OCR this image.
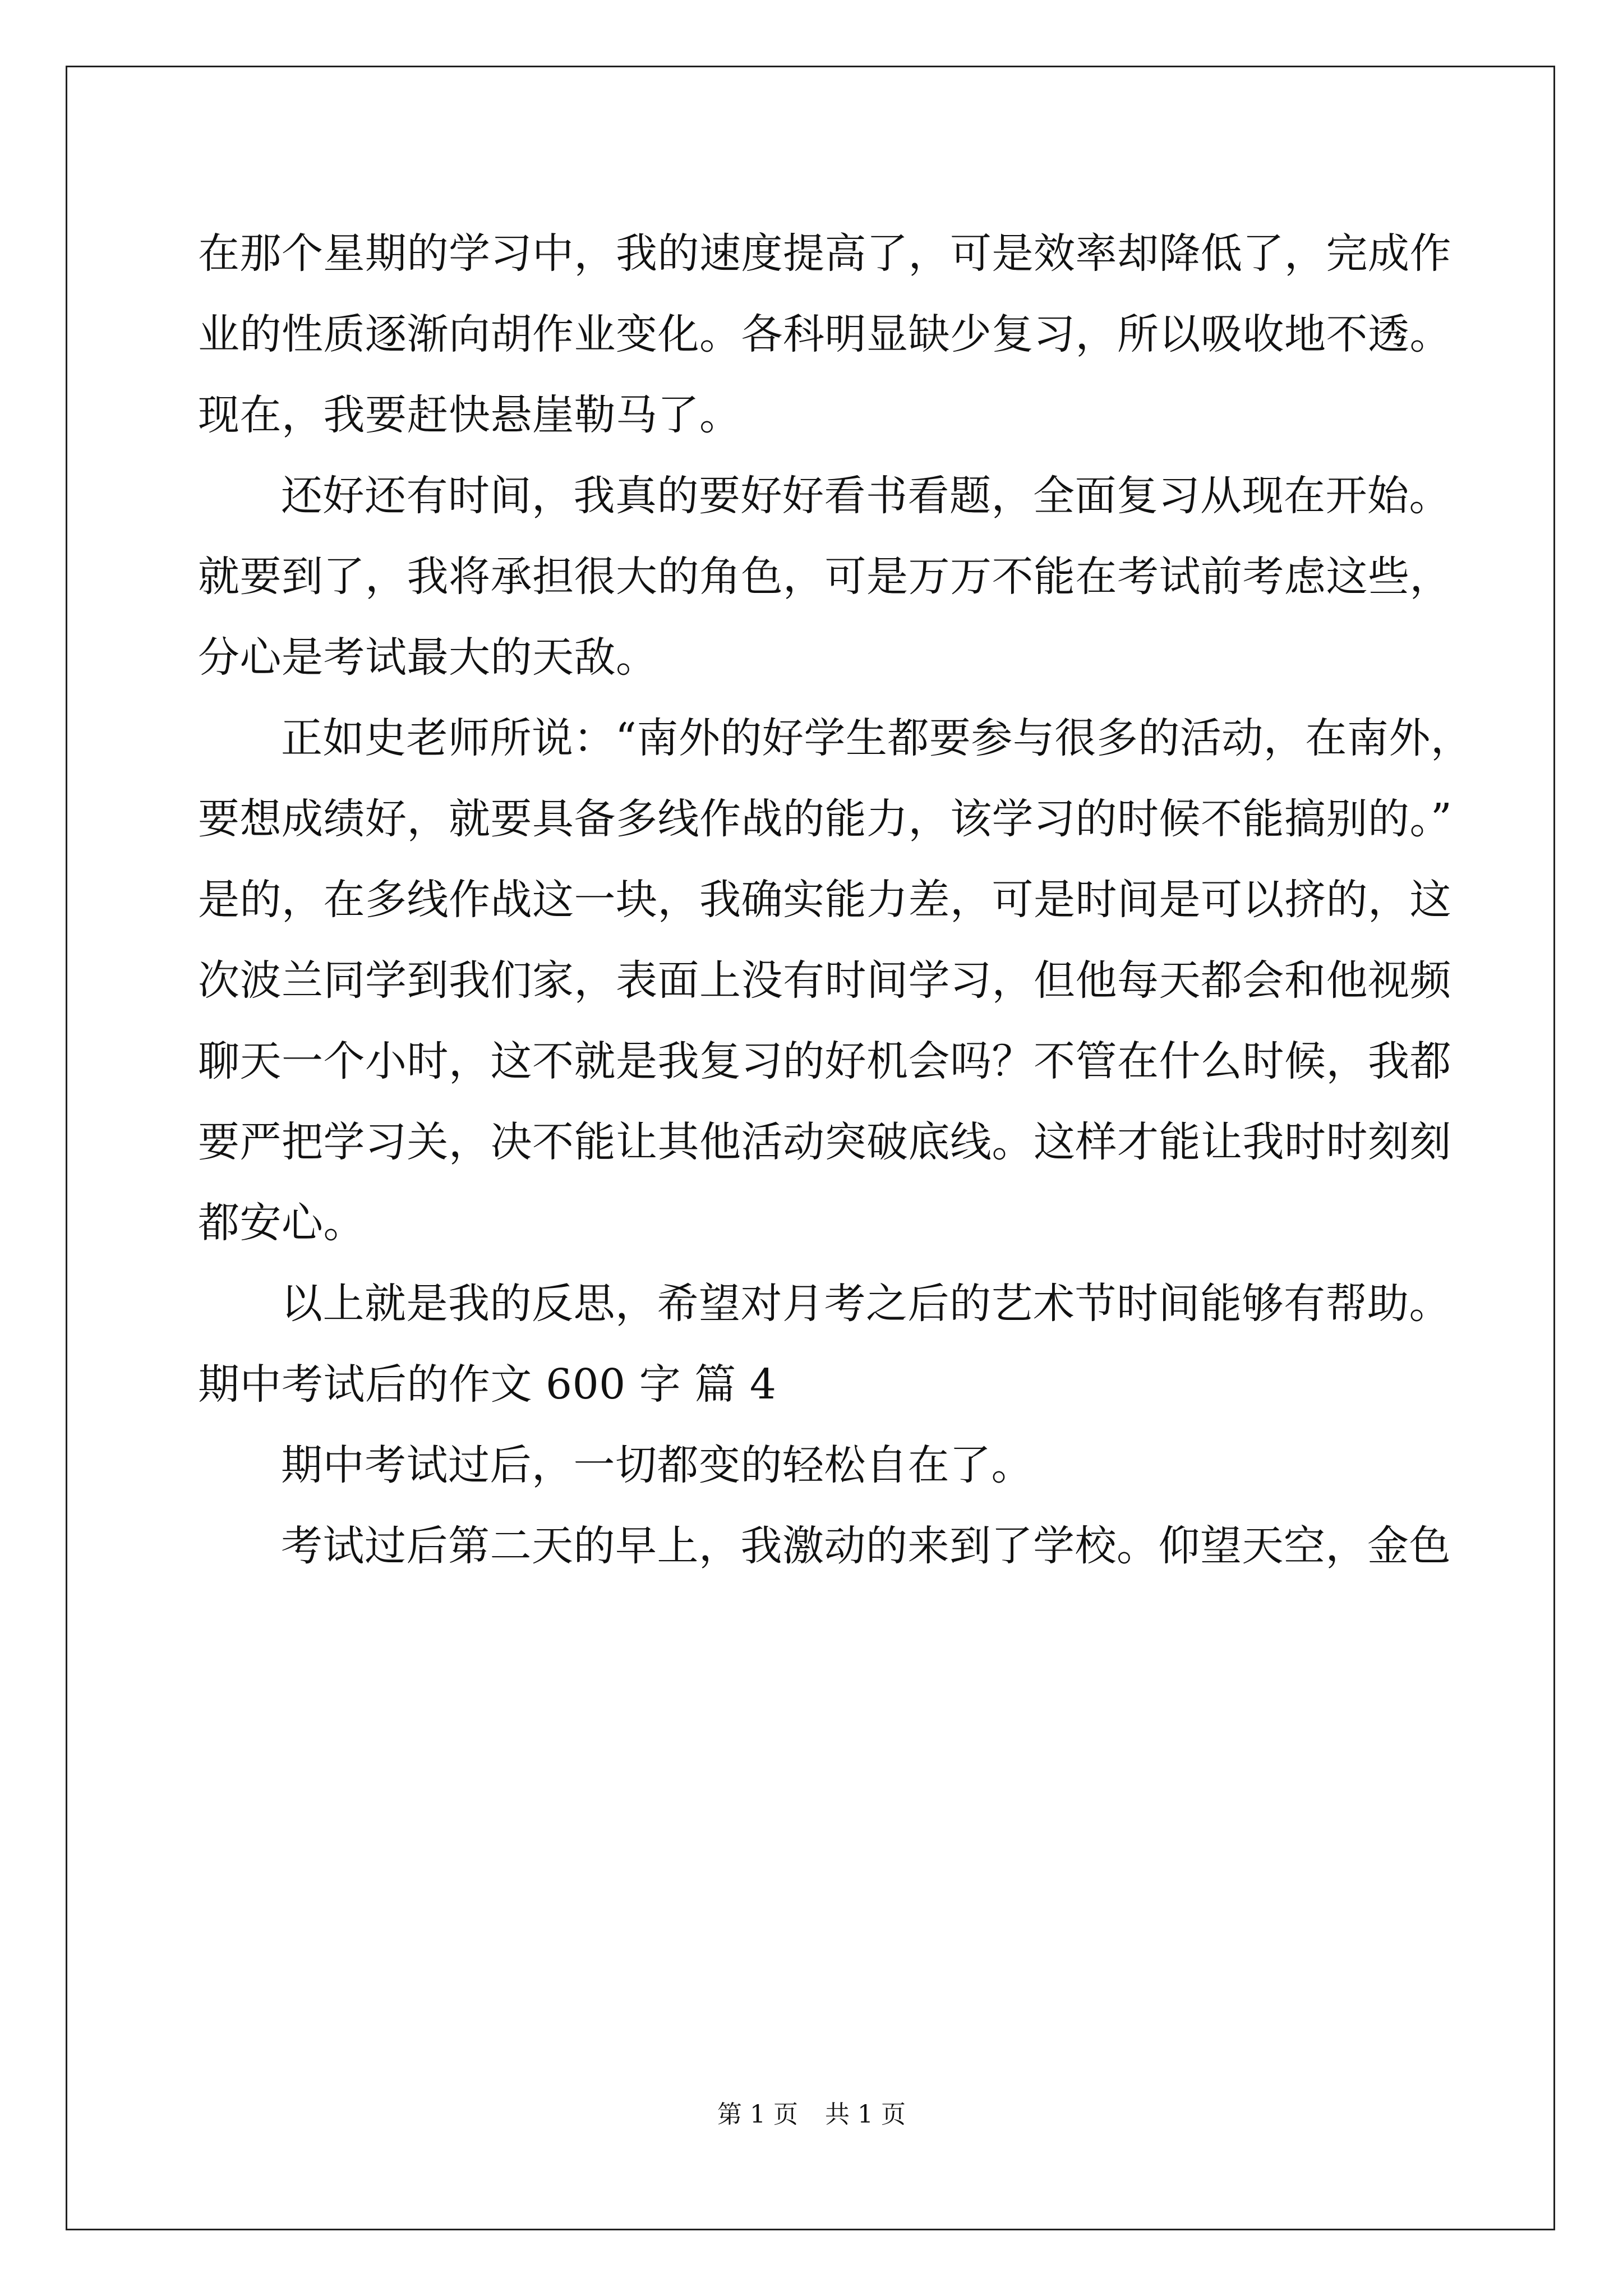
在那个星期的学习中，我的速度提高了，可是效率却降低了，完成作
业的性质逐渐向胡作业变化。各科明显缺少复习，所以吸收地不透。
现在，我要赶快悬崖勒马了。
还好还有时间，我真的要好好看书看题，全面复习从现在开始。
就要到了，我将承担很大的角色，可是万万不能在考试前考虑这些，
分心是考试最大的天敌。
正如史老师所说：“南外的好学生都要参与很多的活动，在南外，
要想成绩好，就要具备多线作战的能力，该学习的时候不能搞别的。”
是的，在多线作战这一块，我确实能力差，可是时间是可以挤的，这
次波兰同学到我们家，表面上没有时间学习，但他每天都会和他视频
聊天一个小时，这不就是我复习的好机会吗？不管在什么时候，我都
要严把学习关，决不能让其他活动突破底线。这样才能让我时时刻刻
都安心。
以上就是我的反思，希望对月考之后的艺术节时间能够有帮助。
期中考试后的作文 600 字 篇 4
期中考试过后，一切都变的轻松自在了。
考试过后第二天的早上，我激动的来到了学校。仰望天空，金色
第 1 页 共 1 页
